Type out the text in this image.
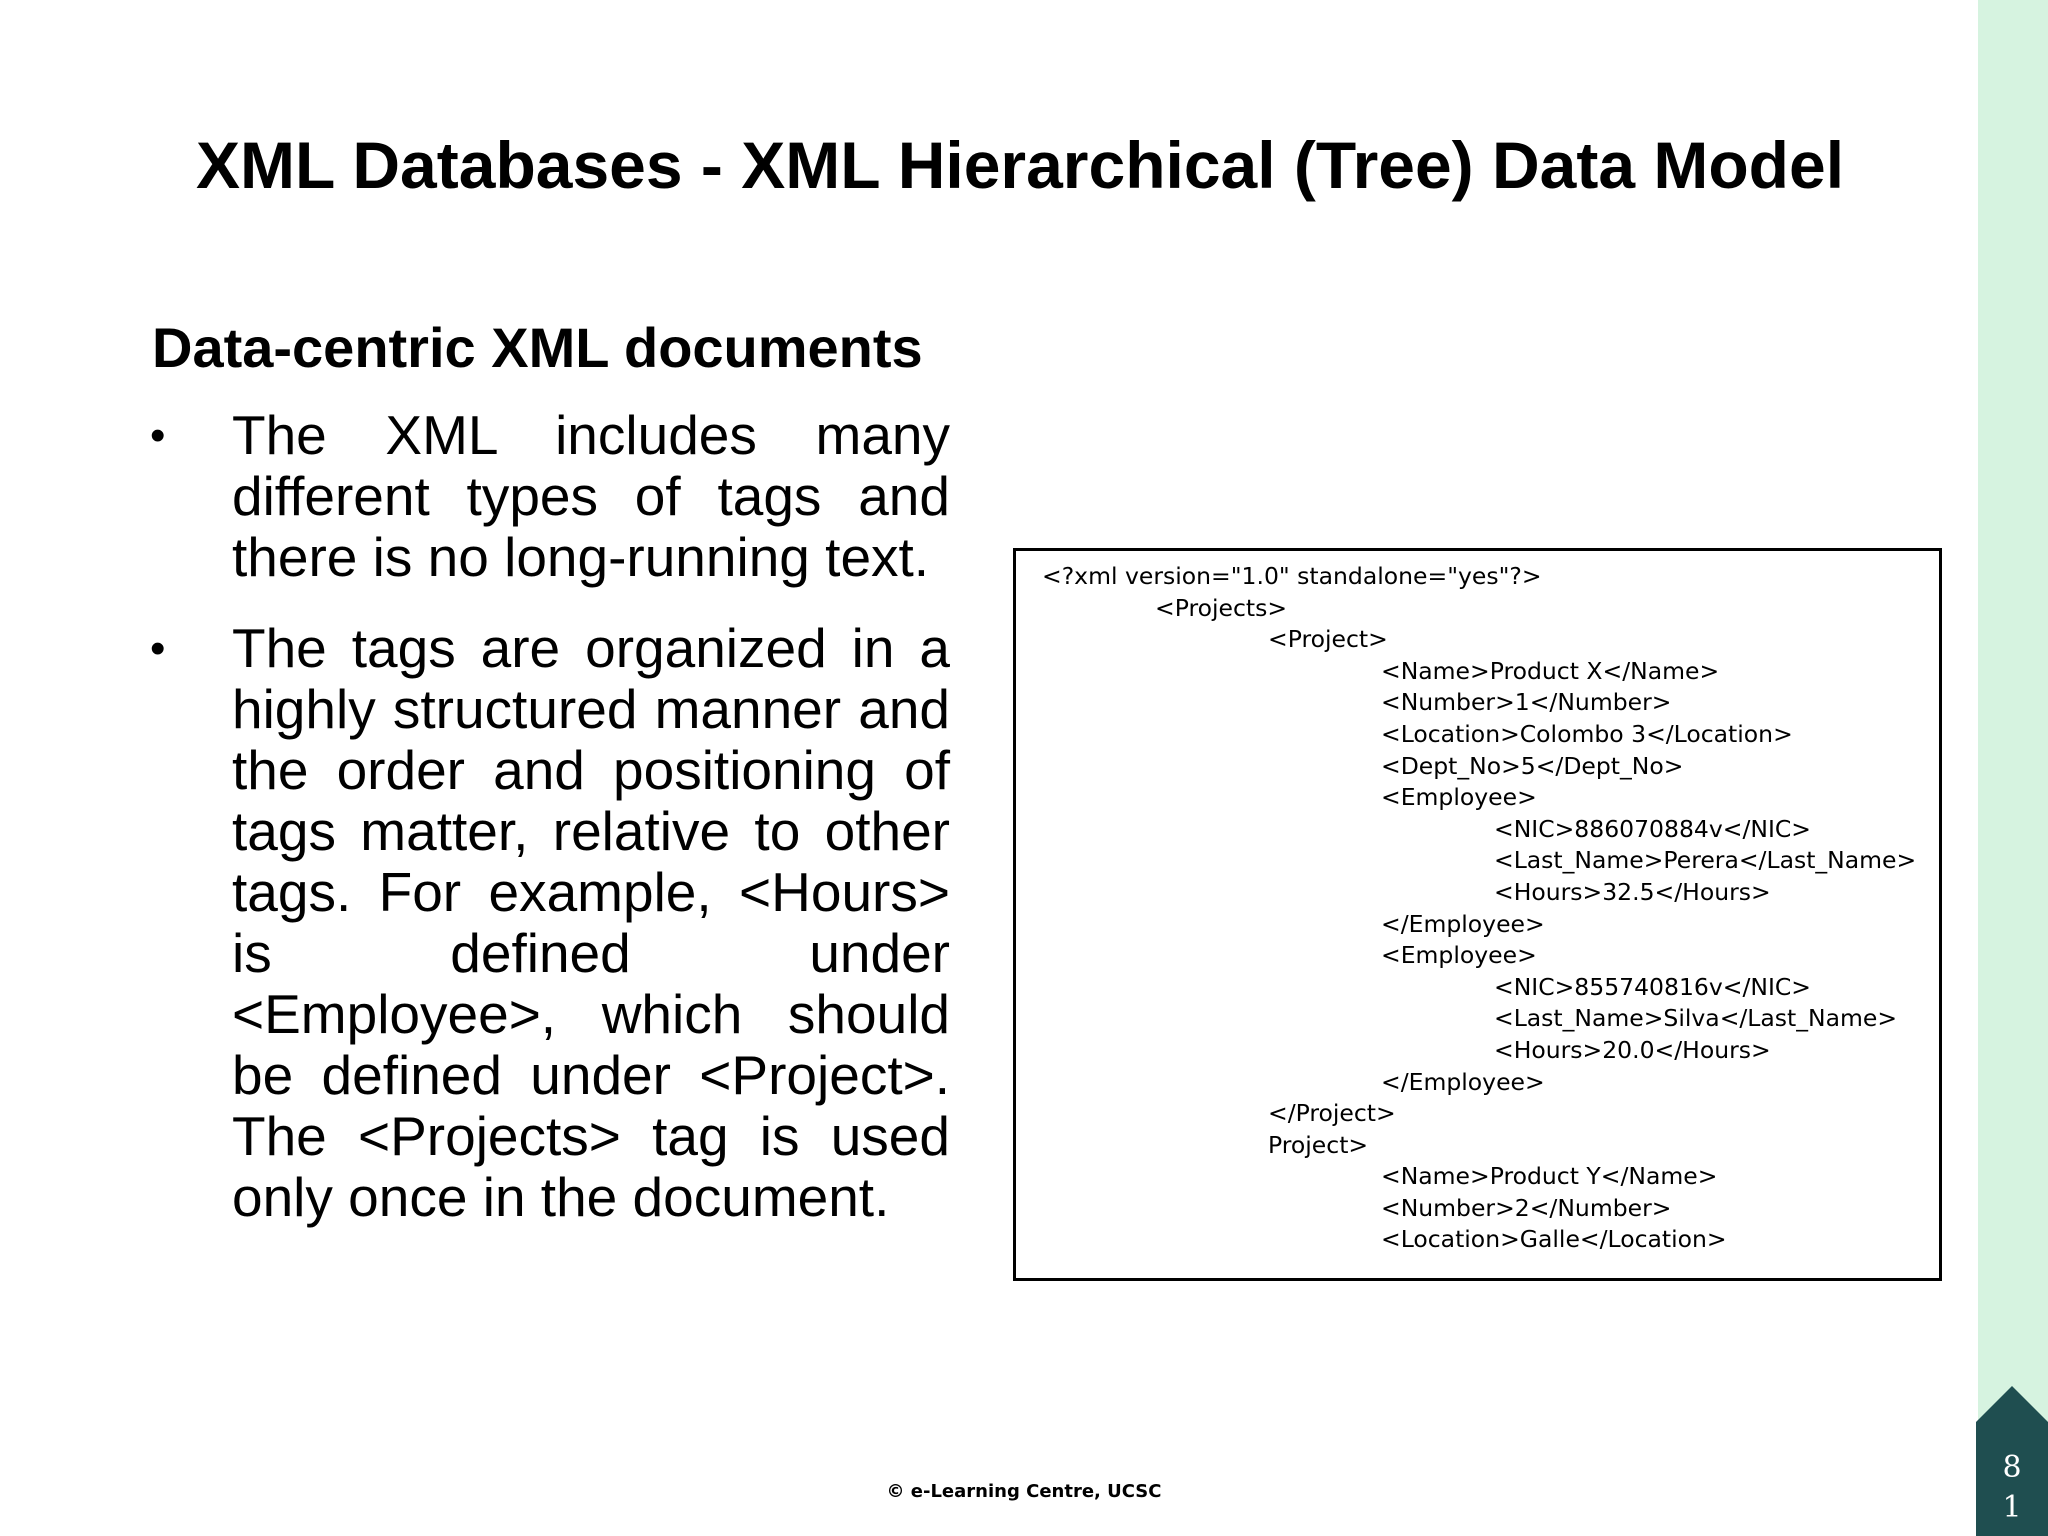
XML Databases - XML Hierarchical (Tree) Data Model
Data-centric XML documents
• The XML includes many different types of tags and there is no long-running text.
• The tags are organized in a highly structured manner and the order and positioning of tags matter, relative to other tags. For example, <Hours> is defined under <Employee>, which should be defined under <Project>. The <Projects> tag is used only once in the document.
<?xml version="1.0" standalone="yes"?>
<Projects>
<Project>
<Name>Product X</Name>
<Number>1</Number>
<Location>Colombo 3</Location>
<Dept_No>5</Dept_No>
<Employee>
<NIC>886070884v</NIC>
<Last_Name>Perera</Last_Name>
<Hours>32.5</Hours>
</Employee>
<Employee>
<NIC>855740816v</NIC>
<Last_Name>Silva</Last_Name>
<Hours>20.0</Hours>
</Employee>
</Project>
Project>
<Name>Product Y</Name>
<Number>2</Number>
<Location>Galle</Location>
© e-Learning Centre, UCSC
8
1
